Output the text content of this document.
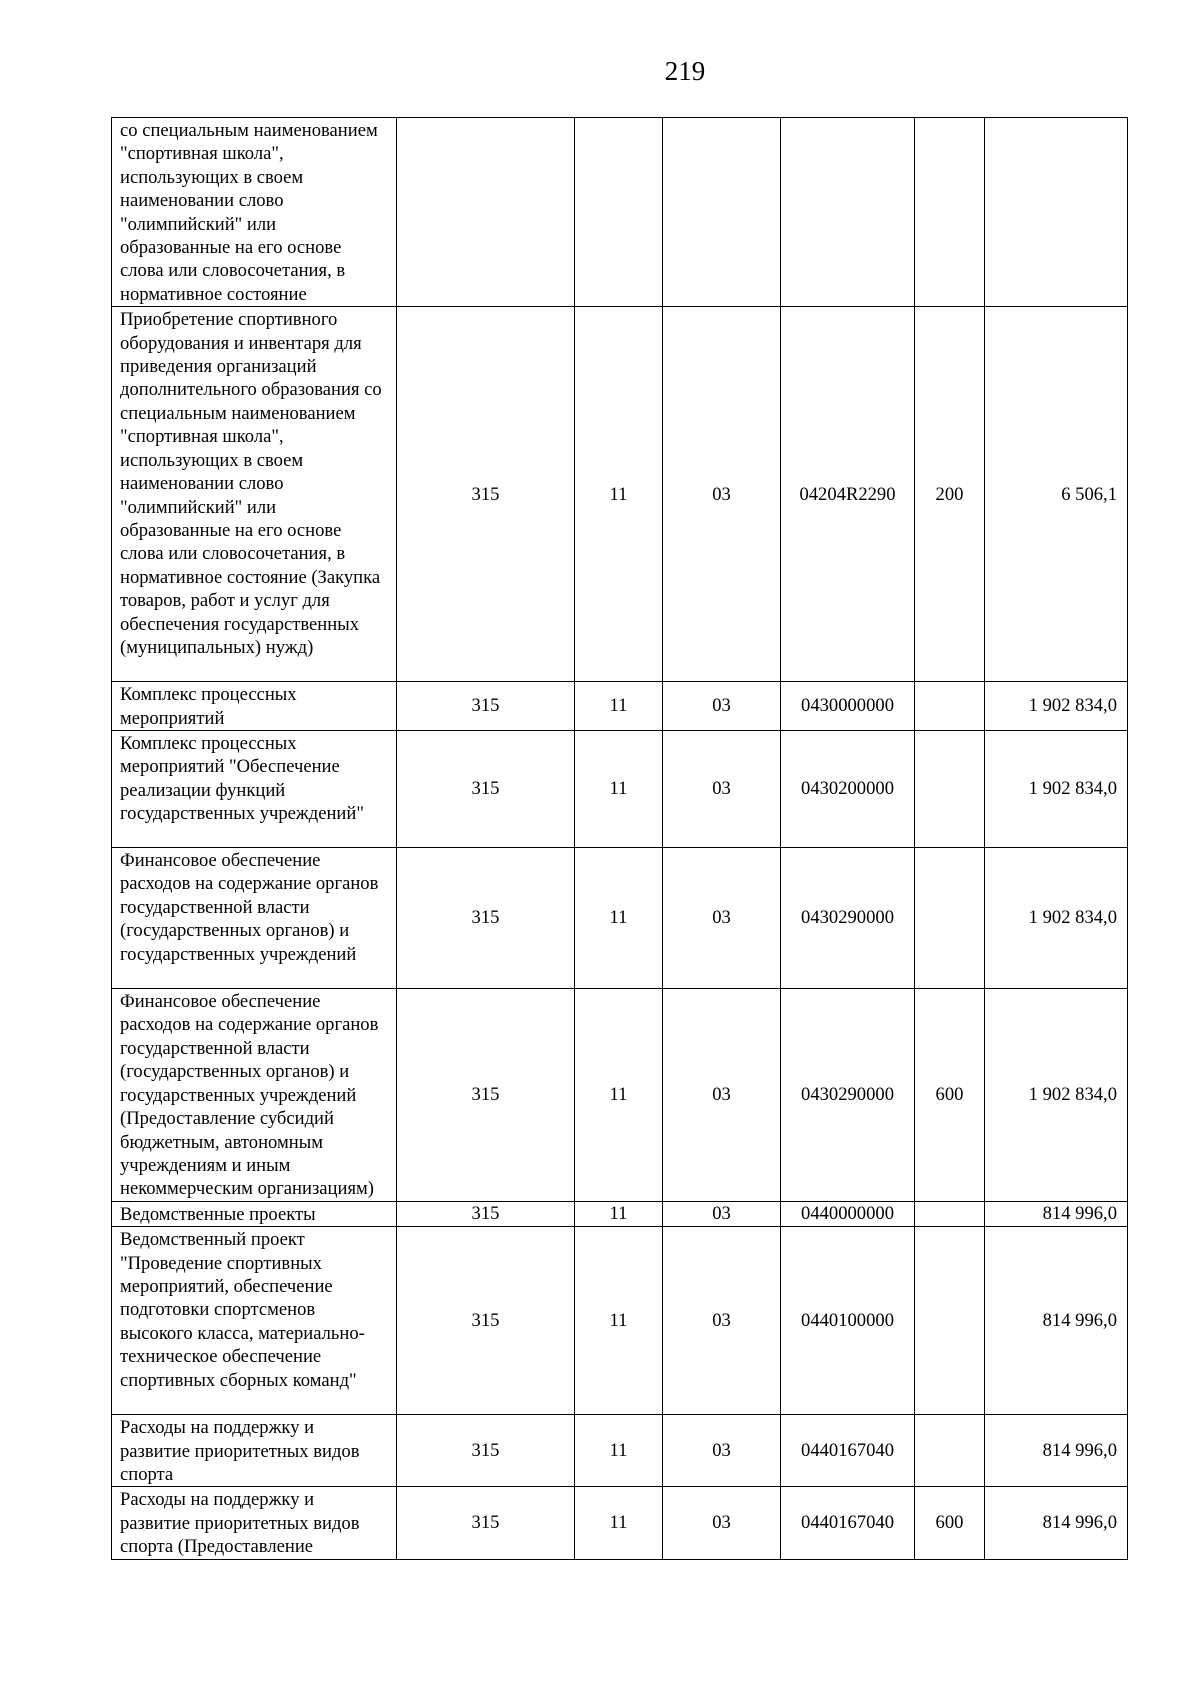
219
со специальным наименованием "спортивная школа", использующих в своем наименовании слово "олимпийский" или образованные на его основе слова или словосочетания, в нормативное состояние						
Приобретение спортивного оборудования и инвентаря для приведения организаций дополнительного образования со специальным наименованием "спортивная школа", использующих в своем наименовании слово "олимпийский" или образованные на его основе слова или словосочетания, в нормативное состояние (Закупка товаров, работ и услуг для обеспечения государственных (муниципальных) нужд)	315	11	03	04204R2290	200	6 506,1
Комплекс процессных мероприятий	315	11	03	0430000000		1 902 834,0
Комплекс процессных мероприятий "Обеспечение реализации функций государственных учреждений"	315	11	03	0430200000		1 902 834,0
Финансовое обеспечение расходов на содержание органов государственной власти (государственных органов) и государственных учреждений	315	11	03	0430290000		1 902 834,0
Финансовое обеспечение расходов на содержание органов государственной власти (государственных органов) и государственных учреждений (Предоставление субсидий бюджетным, автономным учреждениям и иным некоммерческим организациям)	315	11	03	0430290000	600	1 902 834,0
Ведомственные проекты	315	11	03	0440000000		814 996,0
Ведомственный проект "Проведение спортивных мероприятий, обеспечение подготовки спортсменов высокого класса, материально-техническое обеспечение спортивных сборных команд"	315	11	03	0440100000		814 996,0
Расходы на поддержку и развитие приоритетных видов спорта	315	11	03	0440167040		814 996,0
Расходы на поддержку и развитие приоритетных видов спорта (Предоставление	315	11	03	0440167040	600	814 996,0
